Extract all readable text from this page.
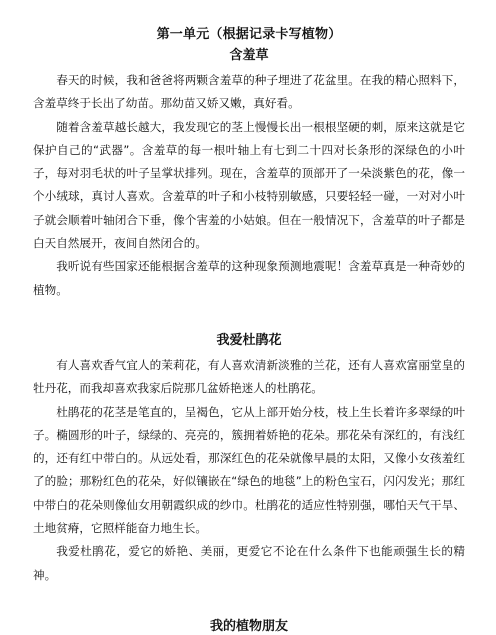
第一单元（根据记录卡写植物）
含羞草

春天的时候，我和爸爸将两颗含羞草的种子埋进了花盆里。在我的精心照料下，含羞草终于长出了幼苗。那幼苗又娇又嫩，真好看。

随着含羞草越长越大，我发现它的茎上慢慢长出一根根坚硬的刺，原来这就是它保护自己的“武器”。含羞草的每一根叶轴上有七到二十四对长条形的深绿色的小叶子，每对羽毛状的叶子呈掌状排列。现在，含羞草的顶部开了一朵淡紫色的花，像一个小绒球，真讨人喜欢。含羞草的叶子和小枝特别敏感，只要轻轻一碰，一对对小叶子就会顺着叶轴闭合下垂，像个害羞的小姑娘。但在一般情况下，含羞草的叶子都是白天自然展开，夜间自然闭合的。

我听说有些国家还能根据含羞草的这种现象预测地震呢！含羞草真是一种奇妙的植物。

我爱杜鹃花

有人喜欢香气宜人的茉莉花，有人喜欢清新淡雅的兰花，还有人喜欢富丽堂皇的牡丹花，而我却喜欢我家后院那几盆娇艳迷人的杜鹃花。

杜鹃花的花茎是笔直的，呈褐色，它从上部开始分枝，枝上生长着许多翠绿的叶子。椭圆形的叶子，绿绿的、亮亮的，簇拥着娇艳的花朵。那花朵有深红的，有浅红的，还有红中带白的。从远处看，那深红色的花朵就像早晨的太阳，又像小女孩羞红了的脸；那粉红色的花朵，好似镶嵌在“绿色的地毯”上的粉色宝石，闪闪发光；那红中带白的花朵则像仙女用朝霞织成的纱巾。杜鹃花的适应性特别强，哪怕天气干旱、土地贫瘠，它照样能奋力地生长。

我爱杜鹃花，爱它的娇艳、美丽，更爱它不论在什么条件下也能顽强生长的精神。

我的植物朋友
